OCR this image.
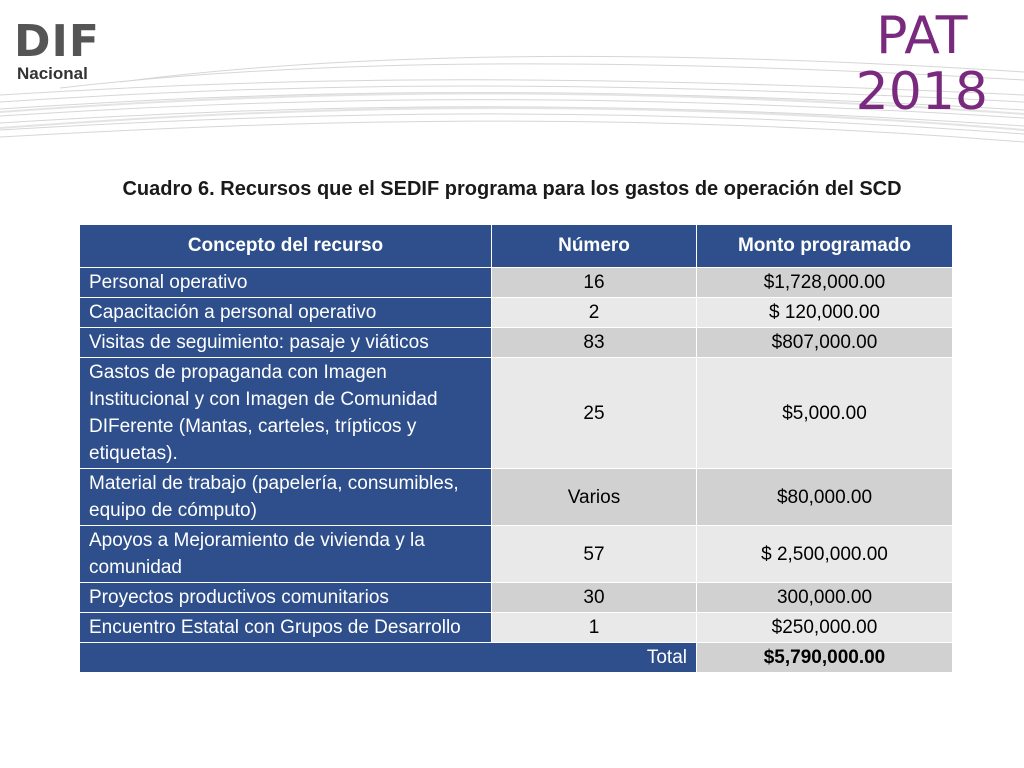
DIF
Nacional
PAT
2018
Cuadro 6. Recursos que el SEDIF programa para los gastos de operación del SCD
Concepto del recurso	Número	Monto programado
Personal operativo	16	$1,728,000.00
Capacitación a personal operativo	2	$ 120,000.00
Visitas de seguimiento: pasaje y viáticos	83	$807,000.00
Gastos de propaganda con Imagen Institucional y con Imagen de Comunidad DIFerente (Mantas, carteles, trípticos y etiquetas).	25	$5,000.00
Material de trabajo (papelería, consumibles, equipo de cómputo)	Varios	$80,000.00
Apoyos a Mejoramiento de vivienda y la comunidad	57	$ 2,500,000.00
Proyectos productivos comunitarios	30	300,000.00
Encuentro Estatal con Grupos de Desarrollo	1	$250,000.00
Total		$5,790,000.00
